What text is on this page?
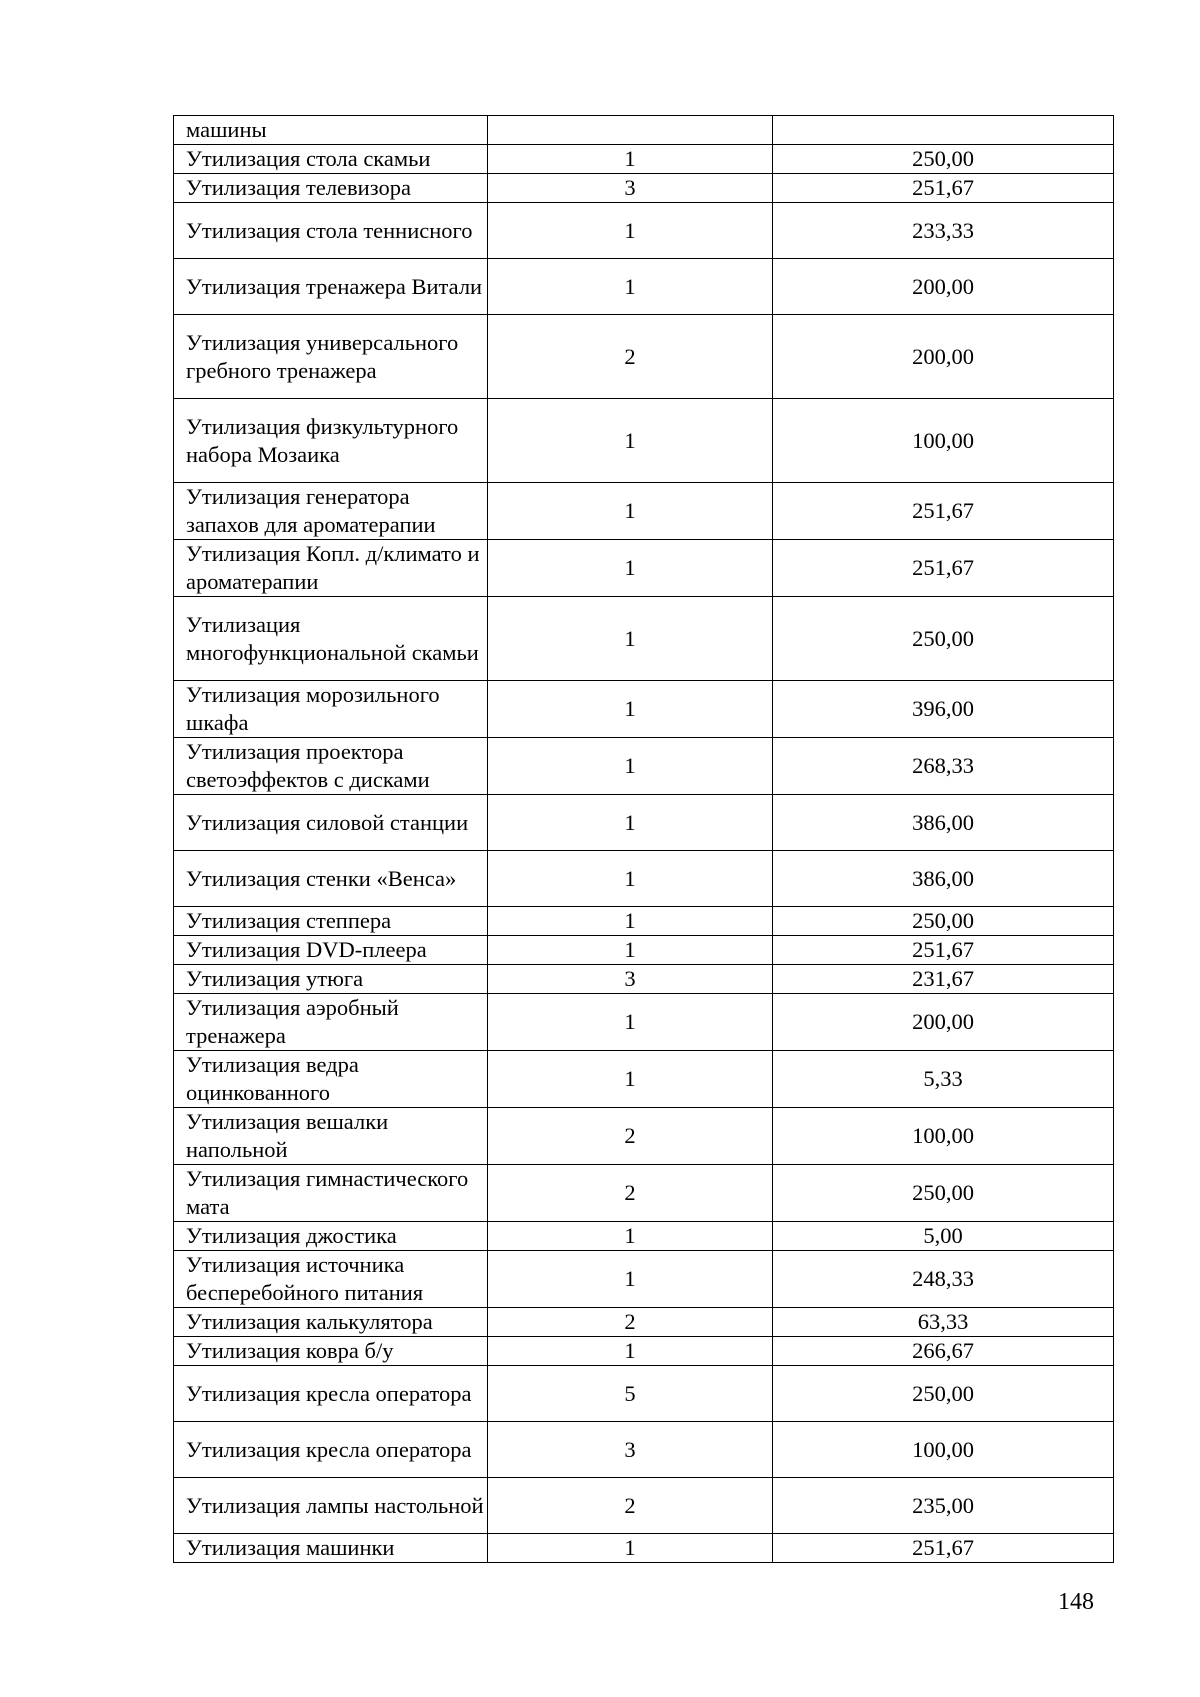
машины		
Утилизация стола скамьи	1	250,00
Утилизация телевизора	3	251,67
Утилизация стола теннисного	1	233,33
Утилизация тренажера Витали	1	200,00
Утилизация универсального гребного тренажера	2	200,00
Утилизация физкультурного набора Мозаика	1	100,00
Утилизация генератора запахов для ароматерапии	1	251,67
Утилизация Копл. д/климато и ароматерапии	1	251,67
Утилизация многофункциональной скамьи	1	250,00
Утилизация морозильного шкафа	1	396,00
Утилизация проектора светоэффектов с дисками	1	268,33
Утилизация силовой станции	1	386,00
Утилизация стенки «Венса»	1	386,00
Утилизация степпера	1	250,00
Утилизация DVD-плеера	1	251,67
Утилизация утюга	3	231,67
Утилизация аэробный тренажера	1	200,00
Утилизация ведра оцинкованного	1	5,33
Утилизация вешалки напольной	2	100,00
Утилизация гимнастического мата	2	250,00
Утилизация джостика	1	5,00
Утилизация источника бесперебойного питания	1	248,33
Утилизация калькулятора	2	63,33
Утилизация ковра б/у	1	266,67
Утилизация кресла оператора	5	250,00
Утилизация кресла оператора	3	100,00
Утилизация лампы настольной	2	235,00
Утилизация машинки	1	251,67
148
